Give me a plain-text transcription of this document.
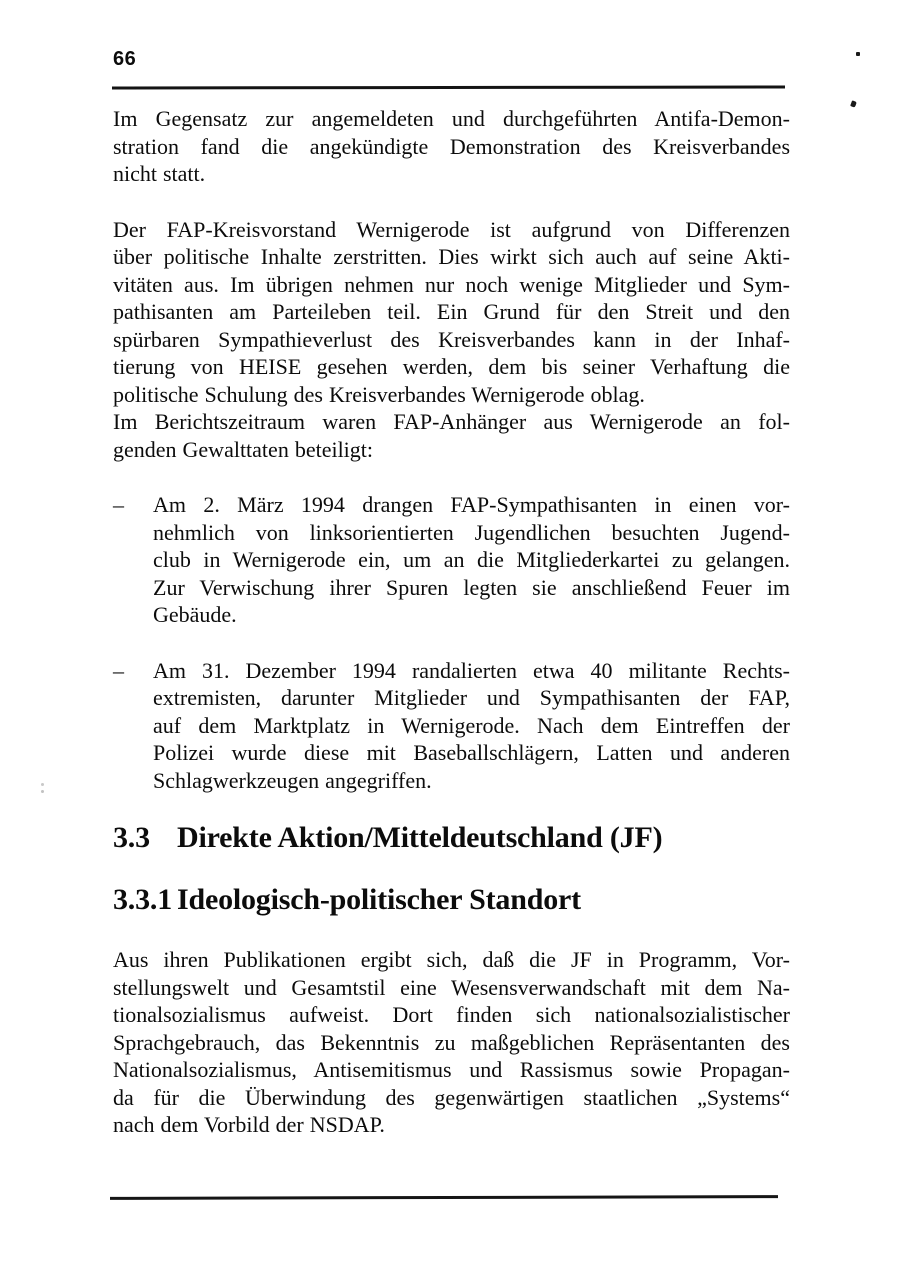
66
Im Gegensatz zur angemeldeten und durchgeführten Antifa-Demon-
stration fand die angekündigte Demonstration des Kreisverbandes
nicht statt.
Der FAP-Kreisvorstand Wernigerode ist aufgrund von Differenzen
über politische Inhalte zerstritten. Dies wirkt sich auch auf seine Akti-
vitäten aus. Im übrigen nehmen nur noch wenige Mitglieder und Sym-
pathisanten am Parteileben teil. Ein Grund für den Streit und den
spürbaren Sympathieverlust des Kreisverbandes kann in der Inhaf-
tierung von HEISE gesehen werden, dem bis seiner Verhaftung die
politische Schulung des Kreisverbandes Wernigerode oblag.
Im Berichtszeitraum waren FAP-Anhänger aus Wernigerode an fol-
genden Gewalttaten beteiligt:
–	Am 2. März 1994 drangen FAP-Sympathisanten in einen vor-
nehmlich von linksorientierten Jugendlichen besuchten Jugend-
club in Wernigerode ein, um an die Mitgliederkartei zu gelangen.
Zur Verwischung ihrer Spuren legten sie anschließend Feuer im
Gebäude.
–	Am 31. Dezember 1994 randalierten etwa 40 militante Rechts-
extremisten, darunter Mitglieder und Sympathisanten der FAP,
auf dem Marktplatz in Wernigerode. Nach dem Eintreffen der
Polizei wurde diese mit Baseballschlägern, Latten und anderen
Schlagwerkzeugen angegriffen.
3.3 Direkte Aktion/Mitteldeutschland (JF)
3.3.1 Ideologisch-politischer Standort
Aus ihren Publikationen ergibt sich, daß die JF in Programm, Vor-
stellungswelt und Gesamtstil eine Wesensverwandschaft mit dem Na-
tionalsozialismus aufweist. Dort finden sich nationalsozialistischer
Sprachgebrauch, das Bekenntnis zu maßgeblichen Repräsentanten des
Nationalsozialismus, Antisemitismus und Rassismus sowie Propagan-
da für die Überwindung des gegenwärtigen staatlichen „Systems“
nach dem Vorbild der NSDAP.
